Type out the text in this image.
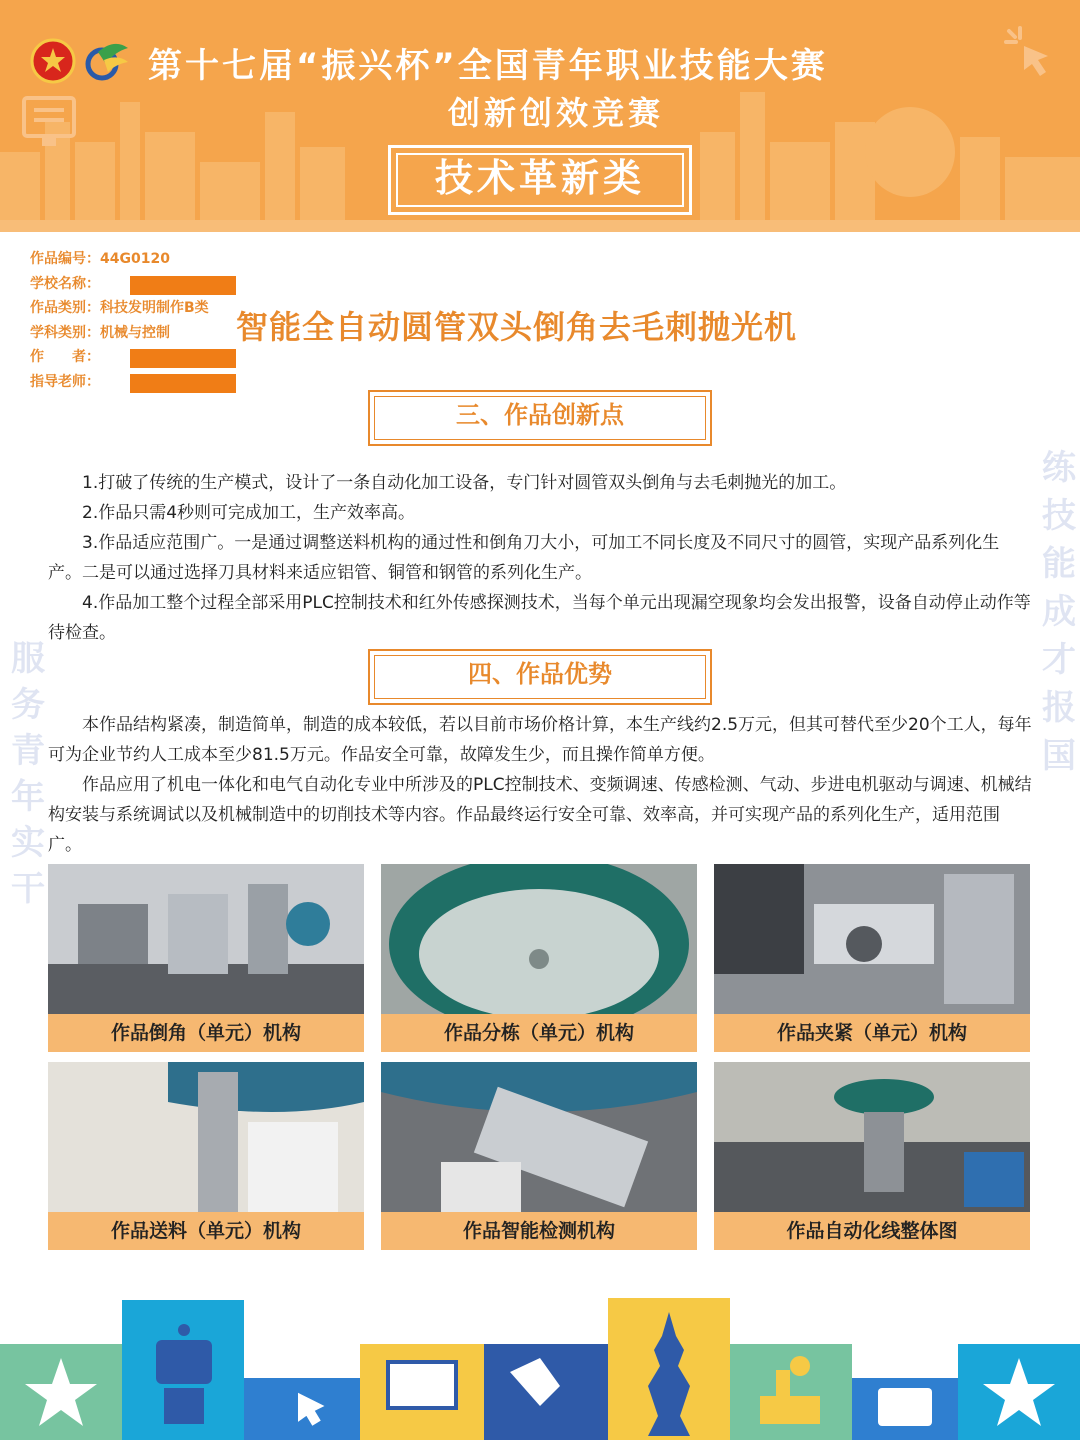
第十七届“振兴杯”全国青年职业技能大赛
创新创效竞赛
技术革新类
作品编号：44G0120
学校名称：
作品类别：科技发明制作B类
学科类别：机械与控制
作　　者：
指导老师：
智能全自动圆管双头倒角去毛刺抛光机
三、作品创新点

1.打破了传统的生产模式，设计了一条自动化加工设备，专门针对圆管双头倒角与去毛刺抛光的加工。

2.作品只需4秒则可完成加工，生产效率高。

3.作品适应范围广。一是通过调整送料机构的通过性和倒角刀大小，可加工不同长度及不同尺寸的圆管，实现产品系列化生产。二是可以通过选择刀具材料来适应铝管、铜管和钢管的系列化生产。

4.作品加工整个过程全部采用PLC控制技术和红外传感探测技术，当每个单元出现漏空现象均会发出报警，设备自动停止动作等待检查。

四、作品优势

本作品结构紧凑，制造简单，制造的成本较低，若以目前市场价格计算，本生产线约2.5万元，但其可替代至少20个工人，每年可为企业节约人工成本至少81.5万元。作品安全可靠，故障发生少，而且操作简单方便。

作品应用了机电一体化和电气自动化专业中所涉及的PLC控制技术、变频调速、传感检测、气动、步进电机驱动与调速、机械结构安装与系统调试以及机械制造中的切削技术等内容。作品最终运行安全可靠、效率高，并可实现产品的系列化生产，适用范围广。

服务青年实干
练技能成才报国
作品倒角（单元）机构	作品分栋（单元）机构	作品夹紧（单元）机构
作品送料（单元）机构	作品智能检测机构	作品自动化线整体图
